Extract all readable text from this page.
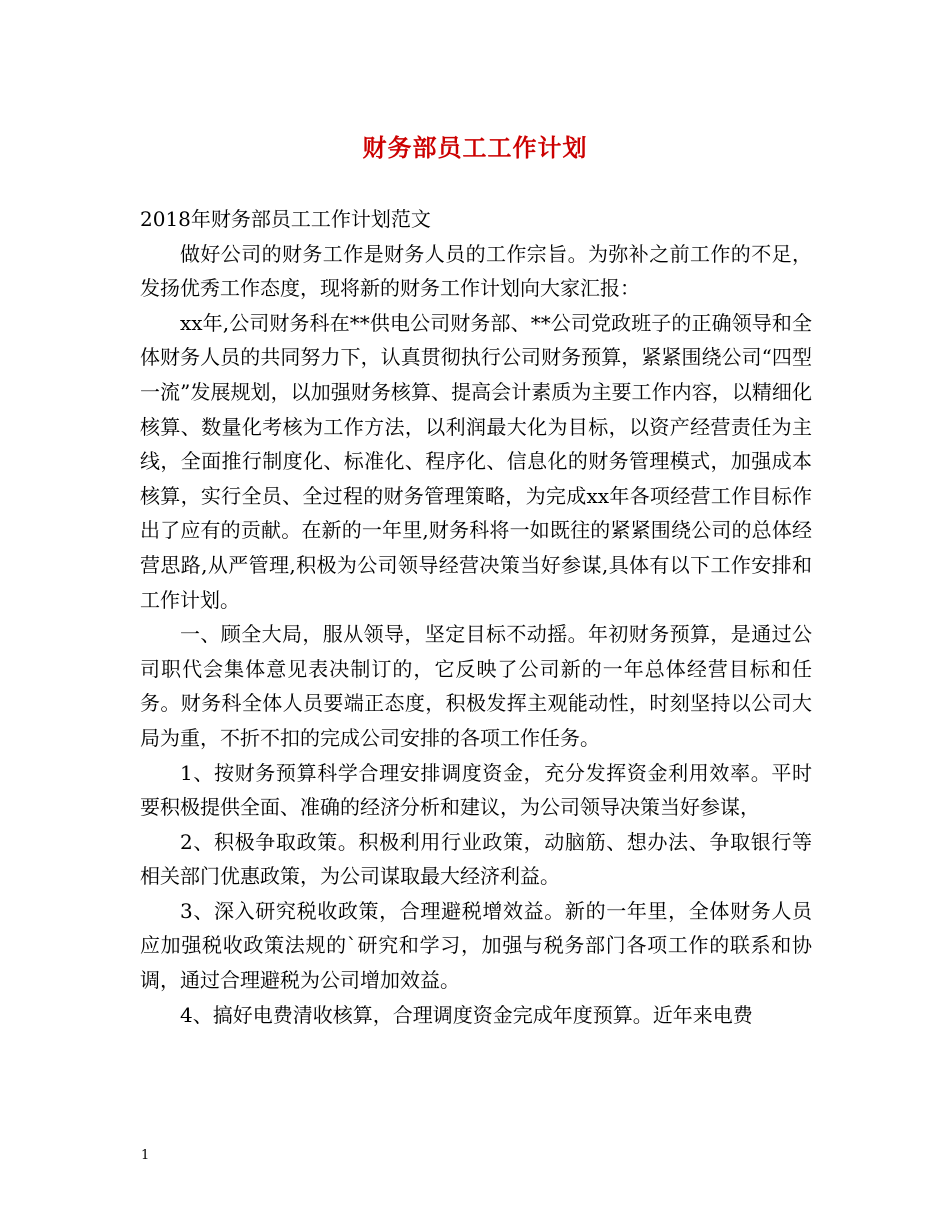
财务部员工工作计划

2018年财务部员工工作计划范文

做好公司的财务工作是财务人员的工作宗旨。为弥补之前工作的不足，发扬优秀工作态度，现将新的财务工作计划向大家汇报：

xx年,公司财务科在**供电公司财务部、**公司党政班子的正确领导和全体财务人员的共同努力下，认真贯彻执行公司财务预算，紧紧围绕公司“四型一流”发展规划，以加强财务核算、提高会计素质为主要工作内容，以精细化核算、数量化考核为工作方法，以利润最大化为目标，以资产经营责任为主线，全面推行制度化、标准化、程序化、信息化的财务管理模式，加强成本核算，实行全员、全过程的财务管理策略，为完成xx年各项经营工作目标作出了应有的贡献。在新的一年里,财务科将一如既往的紧紧围绕公司的总体经营思路,从严管理,积极为公司领导经营决策当好参谋,具体有以下工作安排和工作计划。

一、顾全大局，服从领导，坚定目标不动摇。年初财务预算，是通过公司职代会集体意见表决制订的，它反映了公司新的一年总体经营目标和任务。财务科全体人员要端正态度，积极发挥主观能动性，时刻坚持以公司大局为重，不折不扣的完成公司安排的各项工作任务。

1、按财务预算科学合理安排调度资金，充分发挥资金利用效率。平时要积极提供全面、准确的经济分析和建议，为公司领导决策当好参谋，

2、积极争取政策。积极利用行业政策，动脑筋、想办法、争取银行等相关部门优惠政策，为公司谋取最大经济利益。

3、深入研究税收政策，合理避税增效益。新的一年里，全体财务人员应加强税收政策法规的`研究和学习，加强与税务部门各项工作的联系和协调，通过合理避税为公司增加效益。

4、搞好电费清收核算，合理调度资金完成年度预算。近年来电费

1
